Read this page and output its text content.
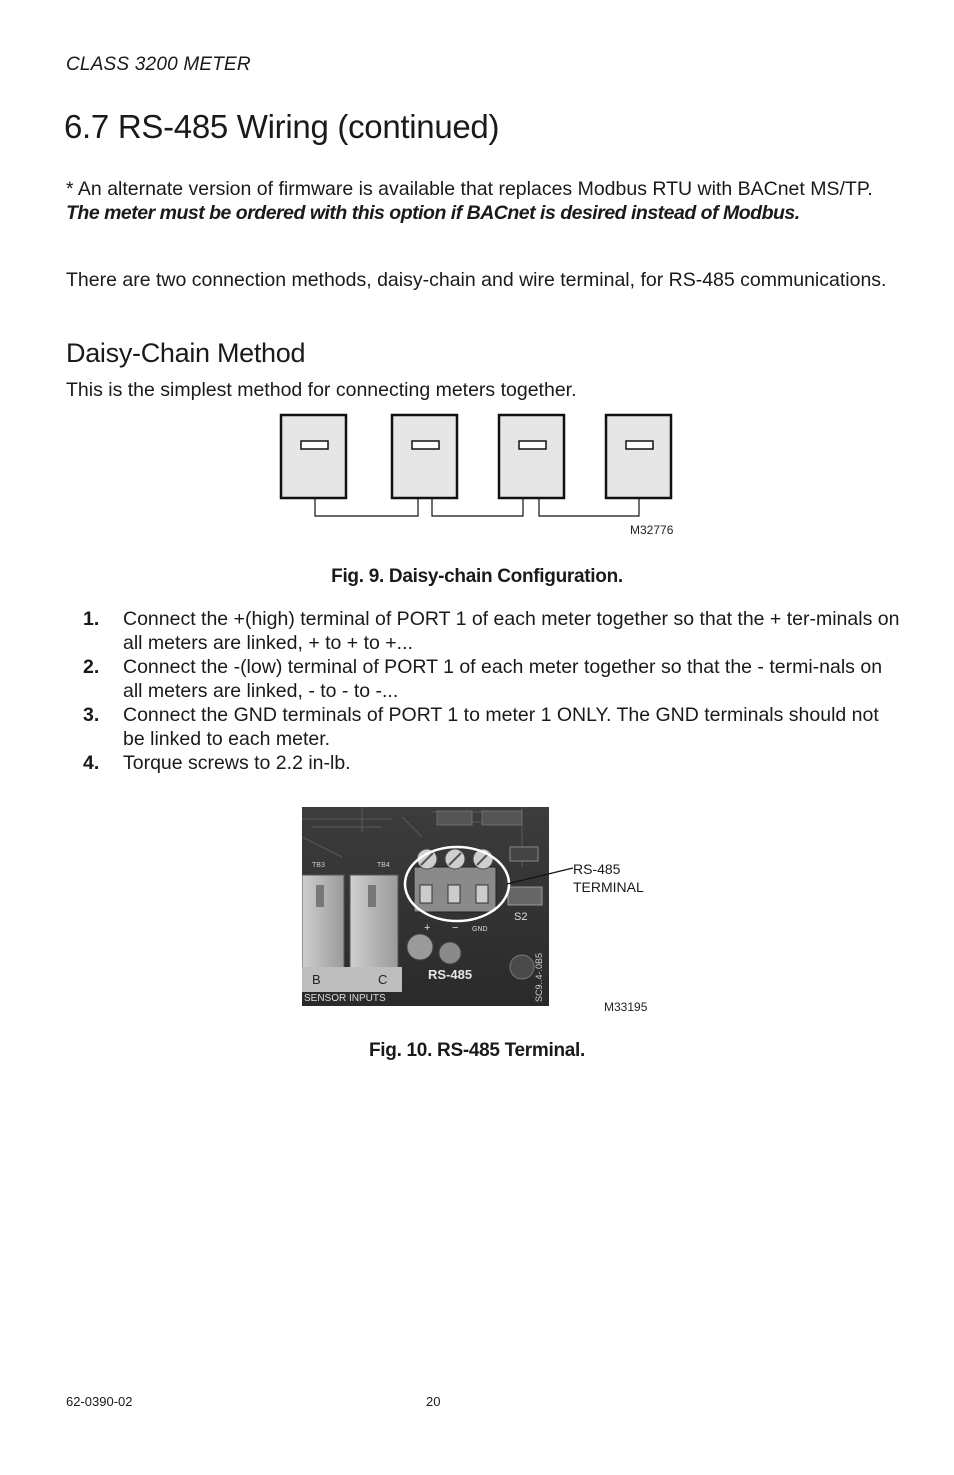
CLASS 3200 METER
6.7 RS-485 Wiring (continued)
* An alternate version of firmware is available that replaces Modbus RTU with BACnet MS/TP. The meter must be ordered with this option if BACnet is desired instead of Modbus.
There are two connection methods, daisy-chain and wire terminal, for RS-485 communications.
Daisy-Chain Method
This is the simplest method for connecting meters together.
M32776
Fig. 9. Daisy-chain Configuration.
1. Connect the +(high) terminal of PORT 1 of each meter together so that the + ter-minals on all meters are linked, + to + to +...
2. Connect the -(low) terminal of PORT 1 of each meter together so that the - termi-nals on all meters are linked, - to - to -...
3. Connect the GND terminals of PORT 1 to meter 1 ONLY. The GND terminals should not be linked to each meter.
4. Torque screws to 2.2 in-lb.
B	C
SENSOR INPUTS
TB3	TB4
+ − GND
RS-485
S2
SC9..4-.0B5
RS-485
TERMINAL
M33195
Fig. 10. RS-485 Terminal.
62-0390-02	20
